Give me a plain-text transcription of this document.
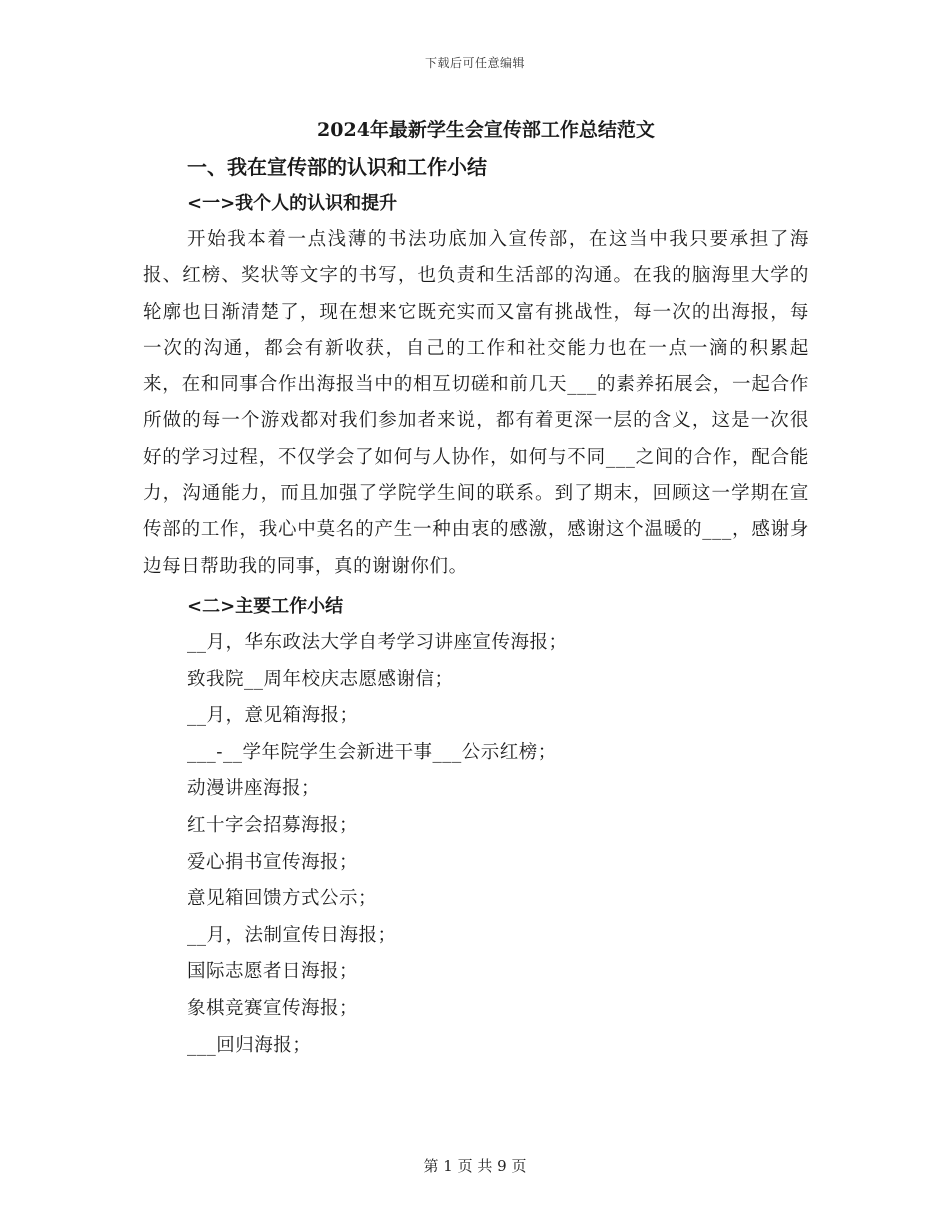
下载后可任意编辑
2024年最新学生会宣传部工作总结范文
一、我在宣传部的认识和工作小结
<一>我个人的认识和提升

开始我本着一点浅薄的书法功底加入宣传部，在这当中我只要承担了海报、红榜、奖状等文字的书写，也负责和生活部的沟通。在我的脑海里大学的轮廓也日渐清楚了，现在想来它既充实而又富有挑战性，每一次的出海报，每一次的沟通，都会有新收获，自己的工作和社交能力也在一点一滴的积累起来，在和同事合作出海报当中的相互切磋和前几天___的素养拓展会，一起合作所做的每一个游戏都对我们参加者来说，都有着更深一层的含义，这是一次很好的学习过程，不仅学会了如何与人协作，如何与不同___之间的合作，配合能力，沟通能力，而且加强了学院学生间的联系。到了期末，回顾这一学期在宣传部的工作，我心中莫名的产生一种由衷的感激，感谢这个温暖的___，感谢身边每日帮助我的同事，真的谢谢你们。

<二>主要工作小结
__月，华东政法大学自考学习讲座宣传海报；
致我院__周年校庆志愿感谢信；
__月，意见箱海报；
___-__学年院学生会新进干事___公示红榜；
动漫讲座海报；
红十字会招募海报；
爱心捐书宣传海报；
意见箱回馈方式公示；
__月，法制宣传日海报；
国际志愿者日海报；
象棋竞赛宣传海报；
___回归海报；
第 1 页 共 9 页
